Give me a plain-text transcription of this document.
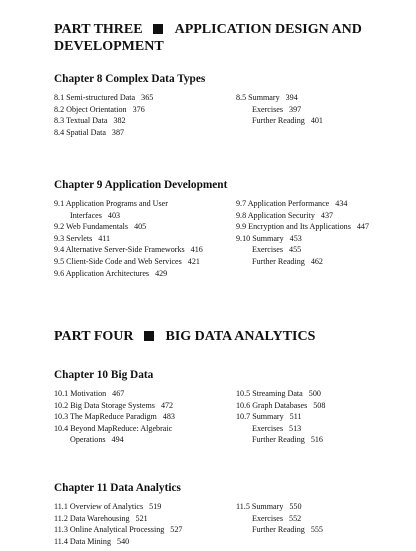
PART THREE APPLICATION DESIGN AND
DEVELOPMENT
Chapter 8 Complex Data Types
8.1 Semi-structured Data 365
8.2 Object Orientation 376
8.3 Textual Data 382
8.4 Spatial Data 387
8.5 Summary 394
Exercises 397
Further Reading 401
Chapter 9 Application Development
9.1 Application Programs and User
Interfaces 403
9.2 Web Fundamentals 405
9.3 Servlets 411
9.4 Alternative Server-Side Frameworks 416
9.5 Client-Side Code and Web Services 421
9.6 Application Architectures 429
9.7 Application Performance 434
9.8 Application Security 437
9.9 Encryption and Its Applications 447
9.10 Summary 453
Exercises 455
Further Reading 462
PART FOUR BIG DATA ANALYTICS
Chapter 10 Big Data
10.1 Motivation 467
10.2 Big Data Storage Systems 472
10.3 The MapReduce Paradigm 483
10.4 Beyond MapReduce: Algebraic
Operations 494
10.5 Streaming Data 500
10.6 Graph Databases 508
10.7 Summary 511
Exercises 513
Further Reading 516
Chapter 11 Data Analytics
11.1 Overview of Analytics 519
11.2 Data Warehousing 521
11.3 Online Analytical Processing 527
11.4 Data Mining 540
11.5 Summary 550
Exercises 552
Further Reading 555
